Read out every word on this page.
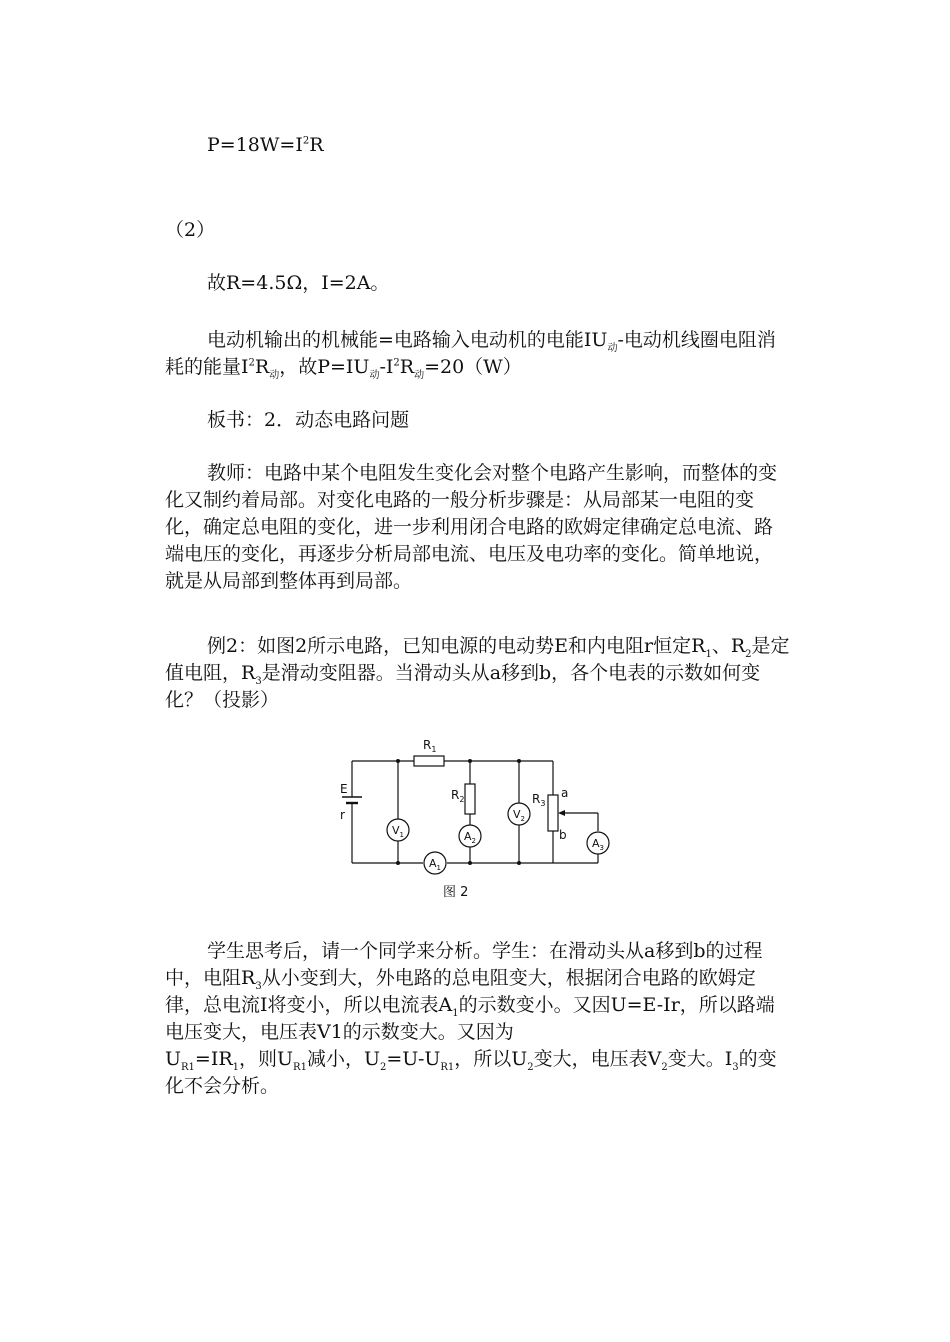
$P=18W=I^2R$
（2）
故R=4.5Ω，I=2A。
电动机输出的机械能=电路输入电动机的电能$IU_动-$电动机线圈电阻消耗的能量$I^2R_动$，故$P=IU_动-I^2R_动=20(W)$
板书：2．动态电路问题
教师：电路中某个电阻发生变化会对整个电路产生影响，而整体的变化又制约着局部。对变化电路的一般分析步骤是：从局部某一电阻的变化，确定总电阻的变化，进一步利用闭合电路的欧姆定律确定总电流、路端电压的变化，再逐步分析局部电流、电压及电功率的变化。简单地说，就是从局部到整体再到局部。
例2：如图2所示电路，已知电源的电动势E和内电阻r恒定$R_1$、$R_2$是定值电阻，$R_3$是滑动变阻器。当滑动头从a移到b，各个电表的示数如何变化？（投影）
E
r
$R_1$
$R_2$	$R_3$
a
b
$V_1$	$A_2$
$V_2$
$A_3$
$A_1$
图 2
学生思考后，请一个同学来分析。学生：在滑动头从a移到b的过程中，电阻$R_3$从小变到大，外电路的总电阻变大，根据闭合电路的欧姆定律，总电流I将变小，所以电流表$A_1$的示数变小。又因U=E-Ir，所以路端电压变大，电压表V1的示数变大。又因为
$U_{R1}=IR_1$，则$U_{R1}$减小，$U_2=U-U_{R1}$，所以$U_2$变大，电压表$V_2$变大。$I_3$的变化不会分析。
